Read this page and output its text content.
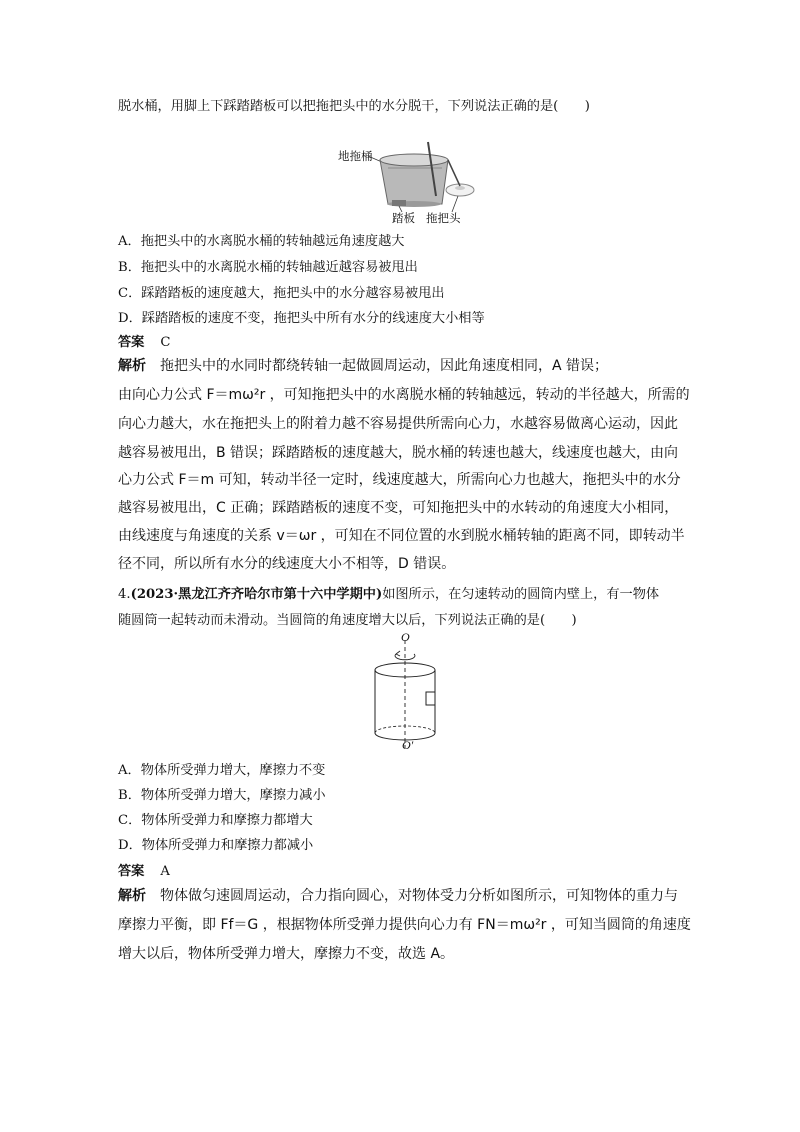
脱水桶，用脚上下踩踏踏板可以把拖把头中的水分脱干，下列说法正确的是(　　)
地拖桶
踏板 拖把头
A．拖把头中的水离脱水桶的转轴越远角速度越大
B．拖把头中的水离脱水桶的转轴越近越容易被甩出
C．踩踏踏板的速度越大，拖把头中的水分越容易被甩出
D．踩踏踏板的速度不变，拖把头中所有水分的线速度大小相等
答案 C
解析 拖把头中的水同时都绕转轴一起做圆周运动，因此角速度相同，A 错误；
由向心力公式 F＝mω²r ，可知拖把头中的水离脱水桶的转轴越远，转动的半径越大，所需的
向心力越大，水在拖把头上的附着力越不容易提供所需向心力，水越容易做离心运动，因此
越容易被甩出，B 错误；踩踏踏板的速度越大，脱水桶的转速也越大，线速度也越大，由向
心力公式 F＝m 可知，转动半径一定时，线速度越大，所需向心力也越大，拖把头中的水分
越容易被甩出，C 正确；踩踏踏板的速度不变，可知拖把头中的水转动的角速度大小相同，
由线速度与角速度的关系 v＝ωr ，可知在不同位置的水到脱水桶转轴的距离不同，即转动半
径不同，所以所有水分的线速度大小不相等，D 错误。
4.(2023·黑龙江齐齐哈尔市第十六中学期中)如图所示，在匀速转动的圆筒内壁上，有一物体
随圆筒一起转动而未滑动。当圆筒的角速度增大以后，下列说法正确的是(　　)
O
O′
A．物体所受弹力增大，摩擦力不变
B．物体所受弹力增大，摩擦力减小
C．物体所受弹力和摩擦力都增大
D．物体所受弹力和摩擦力都减小
答案 A
解析 物体做匀速圆周运动，合力指向圆心，对物体受力分析如图所示，可知物体的重力与
摩擦力平衡，即 Ff＝G ，根据物体所受弹力提供向心力有 FN＝mω²r ，可知当圆筒的角速度
增大以后，物体所受弹力增大，摩擦力不变，故选 A。
